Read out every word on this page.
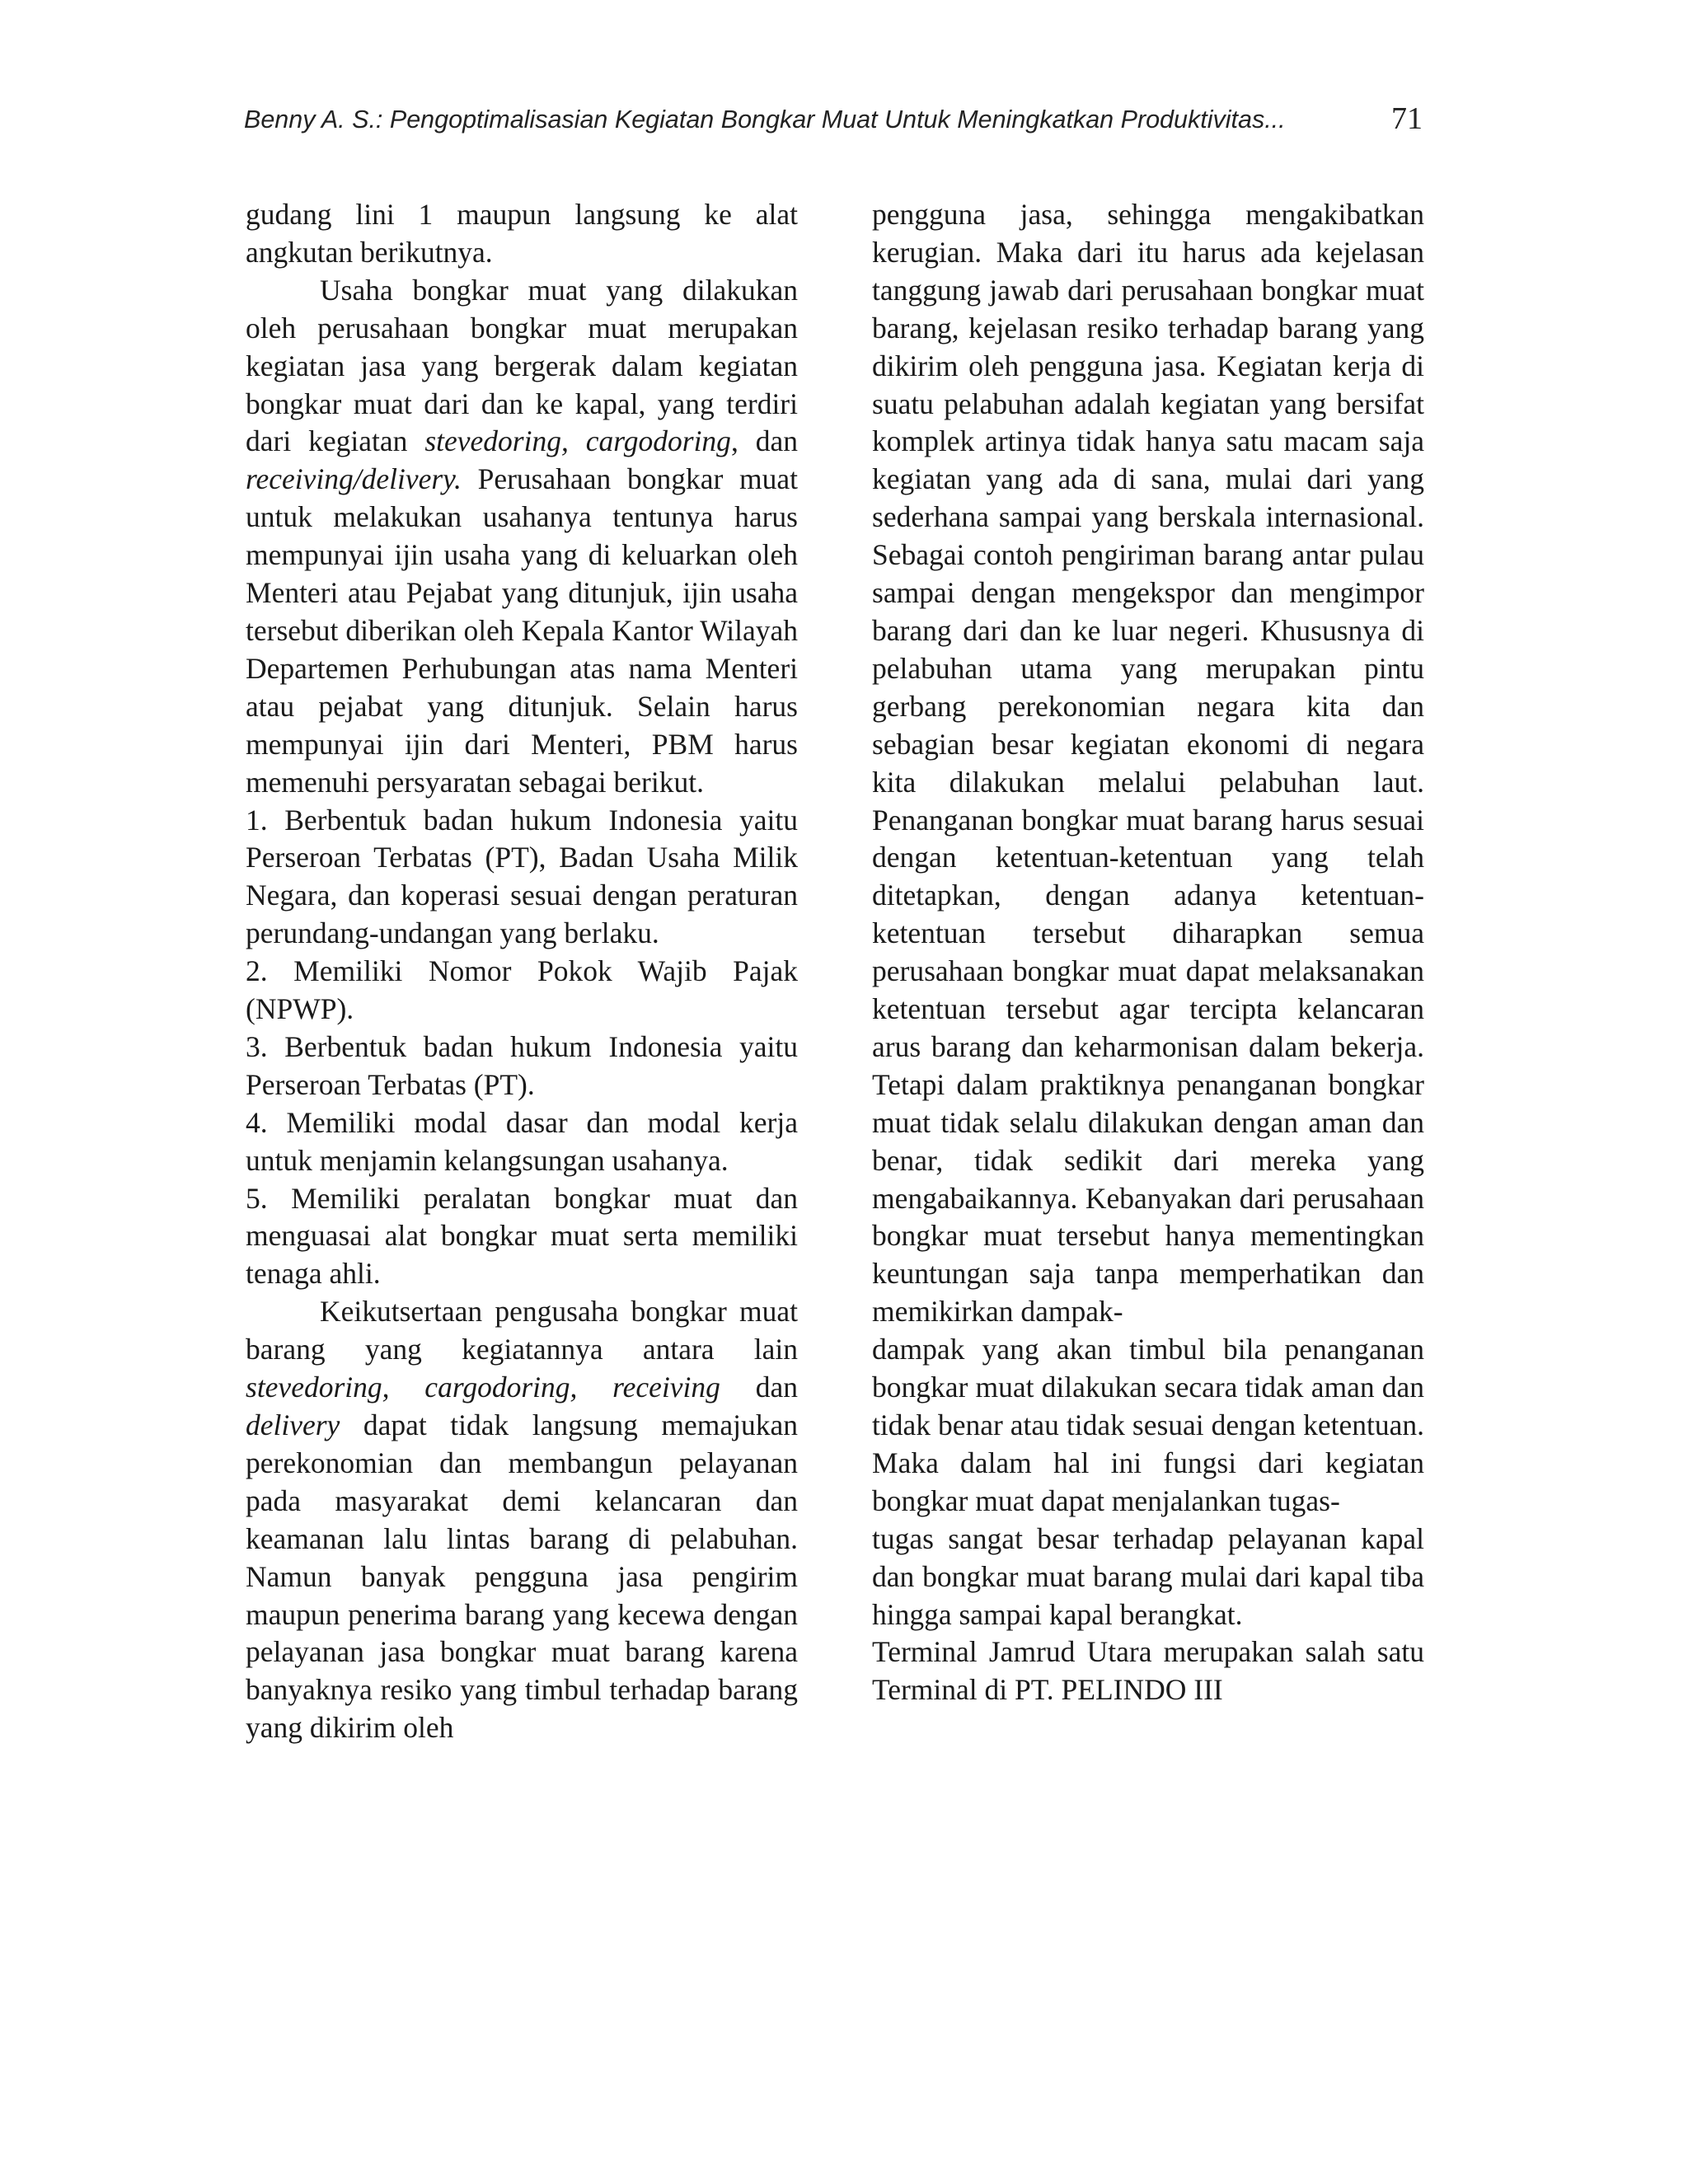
Benny A. S.: Pengoptimalisasian Kegiatan Bongkar Muat Untuk Meningkatkan Produktivitas...	71

gudang lini 1 maupun langsung ke alat angkutan berikutnya.

Usaha bongkar muat yang dilakukan oleh perusahaan bongkar muat merupakan kegiatan jasa yang bergerak dalam kegiatan bongkar muat dari dan ke kapal, yang terdiri dari kegiatan stevedoring, cargodoring, dan receiving/delivery. Perusahaan bongkar muat untuk melakukan usahanya tentunya harus mempunyai ijin usaha yang di keluarkan oleh Menteri atau Pejabat yang ditunjuk, ijin usaha tersebut diberikan oleh Kepala Kantor Wilayah Departemen Perhubungan atas nama Menteri atau pejabat yang ditunjuk. Selain harus mempunyai ijin dari Menteri, PBM harus memenuhi persyaratan sebagai berikut.

1. Berbentuk badan hukum Indonesia yaitu Perseroan Terbatas (PT), Badan Usaha Milik Negara, dan koperasi sesuai dengan peraturan perundang-undangan yang berlaku.

2. Memiliki Nomor Pokok Wajib Pajak (NPWP).

3. Berbentuk badan hukum Indonesia yaitu Perseroan Terbatas (PT).

4. Memiliki modal dasar dan modal kerja untuk menjamin kelangsungan usahanya.

5. Memiliki peralatan bongkar muat dan menguasai alat bongkar muat serta memiliki tenaga ahli.

Keikutsertaan pengusaha bongkar muat barang yang kegiatannya antara lain stevedoring, cargodoring, receiving dan delivery dapat tidak langsung memajukan perekonomian dan membangun pelayanan pada masyarakat demi kelancaran dan keamanan lalu lintas barang di pelabuhan. Namun banyak pengguna jasa pengirim maupun penerima barang yang kecewa dengan pelayanan jasa bongkar muat barang karena banyaknya resiko yang timbul terhadap barang yang dikirim oleh

pengguna jasa, sehingga mengakibatkan kerugian. Maka dari itu harus ada kejelasan tanggung jawab dari perusahaan bongkar muat barang, kejelasan resiko terhadap barang yang dikirim oleh pengguna jasa. Kegiatan kerja di suatu pelabuhan adalah kegiatan yang bersifat komplek artinya tidak hanya satu macam saja kegiatan yang ada di sana, mulai dari yang sederhana sampai yang berskala internasional. Sebagai contoh pengiriman barang antar pulau sampai dengan mengekspor dan mengimpor barang dari dan ke luar negeri. Khususnya di pelabuhan utama yang merupakan pintu gerbang perekonomian negara kita dan sebagian besar kegiatan ekonomi di negara kita dilakukan melalui pelabuhan laut. Penanganan bongkar muat barang harus sesuai dengan ketentuan-ketentuan yang telah ditetapkan, dengan adanya ketentuan-ketentuan tersebut diharapkan semua perusahaan bongkar muat dapat melaksanakan ketentuan tersebut agar tercipta kelancaran arus barang dan keharmonisan dalam bekerja. Tetapi dalam praktiknya penanganan bongkar muat tidak selalu dilakukan dengan aman dan benar, tidak sedikit dari mereka yang mengabaikannya. Kebanyakan dari perusahaan bongkar muat tersebut hanya mementingkan keuntungan saja tanpa memperhatikan dan memikirkan dampak-
dampak yang akan timbul bila penanganan bongkar muat dilakukan secara tidak aman dan tidak benar atau tidak sesuai dengan ketentuan. Maka dalam hal ini fungsi dari kegiatan bongkar muat dapat menjalankan tugas-
tugas sangat besar terhadap pelayanan kapal dan bongkar muat barang mulai dari kapal tiba hingga sampai kapal berangkat.

Terminal Jamrud Utara merupakan salah satu Terminal di PT. PELINDO III
